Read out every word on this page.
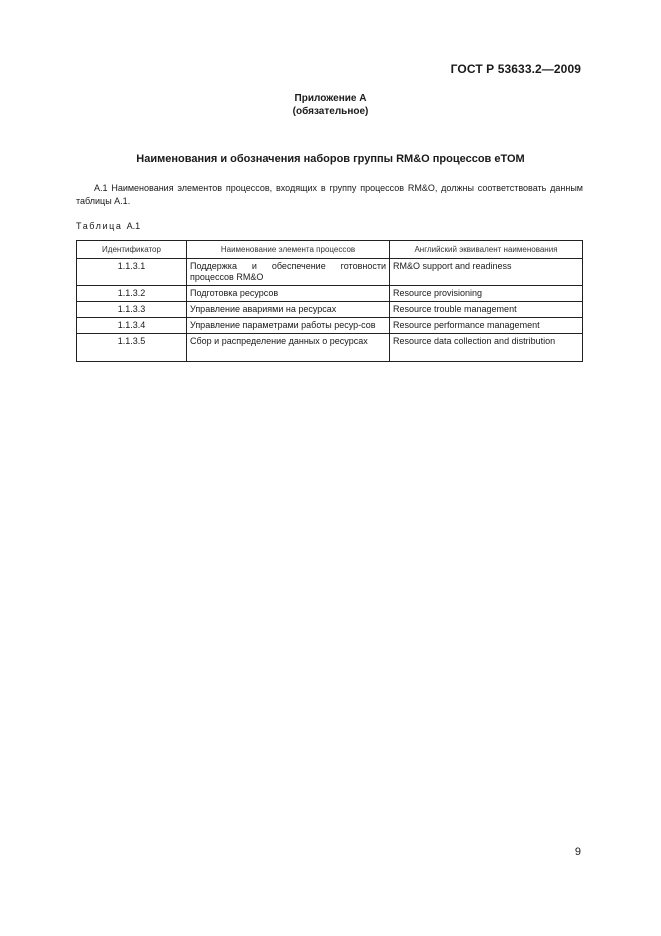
ГОСТ Р 53633.2—2009
Приложение А
(обязательное)
Наименования и обозначения наборов группы RM&O процессов eTOM
А.1 Наименования элементов процессов, входящих в группу процессов RM&O, должны соответствовать данным таблицы А.1.
Таблица А.1
Идентификатор	Наименование элемента процессов	Английский эквивалент наименования
1.1.3.1	Поддержка и обеспечение готовности процессов RM&O	RM&O support and readiness
1.1.3.2	Подготовка ресурсов	Resource provisioning
1.1.3.3	Управление авариями на ресурсах	Resource trouble management
1.1.3.4	Управление параметрами работы ресур-сов	Resource performance management
1.1.3.5	Сбор и распределение данных о ресурсах	Resource data collection and distribution
9
